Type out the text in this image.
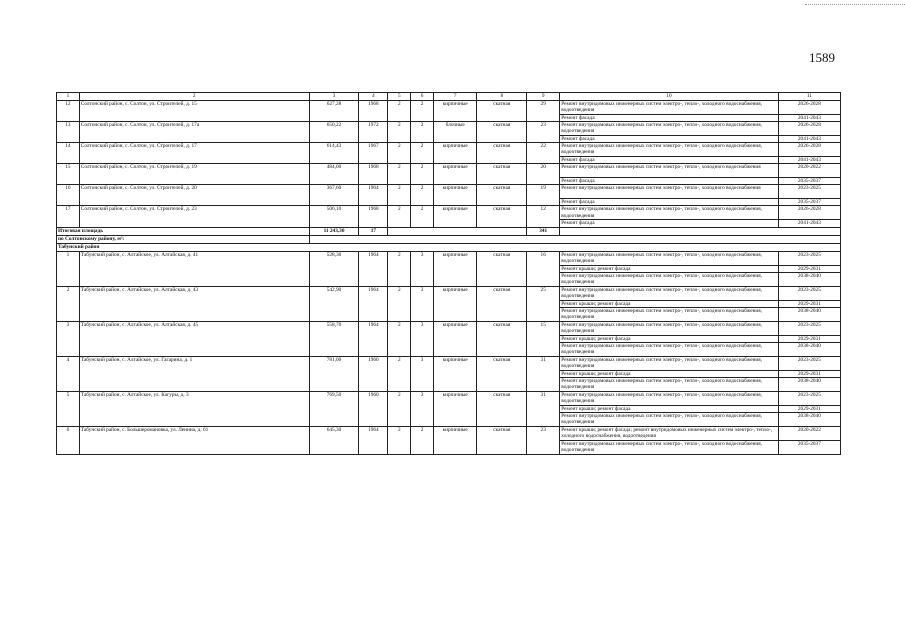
1589
1	2	3	4	5	6	7	8	9	10	11
12	Солтонский район, с. Солтон, ул. Строителей, д. 15	627,28	1968	2	2	кирпичные	скатная	29	Ремонт внутридомовых инженерных систем электро-, тепло-, холодного водоснабжения, водоотведения	2026-2028
									Ремонт фасада	2041-2043
13	Солтонский район, с. Солтон, ул. Строителей, д. 17а	650,22	1972	2	2	блочные	скатная	23	Ремонт внутридомовых инженерных систем электро-, тепло-, холодного водоснабжения, водоотведения	2026-2028
									Ремонт фасада	2041-2043
14	Солтонский район, с. Солтон, ул. Строителей, д. 17	614,43	1967	2	2	кирпичные	скатная	22	Ремонт внутридомовых инженерных систем электро-, тепло-, холодного водоснабжения, водоотведения	2026-2028
									Ремонт фасада	2041-2043
15	Солтонский район, с. Солтон, ул. Строителей, д. 19	484,00	1968	2	2	кирпичные	скатная	20	Ремонт внутридомовых инженерных систем электро-, тепло-, холодного водоснабжения	2020-2022
									Ремонт фасада	2035-2037
16	Солтонский район, с. Солтон, ул. Строителей, д. 20	367,60	1964	2	2	кирпичные	скатная	19	Ремонт внутридомовых инженерных систем электро-, тепло-, холодного водоснабжения	2023-2025
									Ремонт фасада	2035-2037
17	Солтонский район, с. Солтон, ул. Строителей, д. 23	506,10	1968	2	2	кирпичные	скатная	12	Ремонт внутридомовых инженерных систем электро-, тепло-, холодного водоснабжения, водоотведения	2026-2028
									Ремонт фасада	2041-2043
Итоговая площадь		11 243,30	17					341		
по Солтонскому району, м²:										
Табунский район										
1	Табунский район, с. Алтайское, ул. Алтайская, д. 41	528,30	1964	2	3	кирпичные	скатная	16	Ремонт внутридомовых инженерных систем электро-, тепло-, холодного водоснабжения, водоотведения	2023-2025
									Ремонт крыши; ремонт фасада	2029-2031
									Ремонт внутридомовых инженерных систем электро-, тепло-, холодного водоснабжения, водоотведения	2038-2040
2	Табунский район, с. Алтайское, ул. Алтайская, д. 43	542,90	1964	2	3	кирпичные	скатная	25	Ремонт внутридомовых инженерных систем электро-, тепло-, холодного водоснабжения, водоотведения	2023-2025
									Ремонт крыши; ремонт фасада	2029-2031
									Ремонт внутридомовых инженерных систем электро-, тепло-, холодного водоснабжения, водоотведения	2038-2040
3	Табунский район, с. Алтайское, ул. Алтайская, д. 45	558,70	1964	2	3	кирпичные	скатная	15	Ремонт внутридомовых инженерных систем электро-, тепло-, холодного водоснабжения, водоотведения	2023-2025
									Ремонт крыши; ремонт фасада	2029-2031
									Ремонт внутридомовых инженерных систем электро-, тепло-, холодного водоснабжения, водоотведения	2038-2040
4	Табунский район, с. Алтайское, ул. Гагарина, д. 1	781,00	1960	2	3	кирпичные	скатная	31	Ремонт внутридомовых инженерных систем электро-, тепло-, холодного водоснабжения, водоотведения	2023-2025
									Ремонт крыши; ремонт фасада	2029-2031
									Ремонт внутридомовых инженерных систем электро-, тепло-, холодного водоснабжения, водоотведения	2038-2040
5	Табунский район, с. Алтайское, ул. Кагуры, д. 3	769,50	1960	2	3	кирпичные	скатная	31	Ремонт внутридомовых инженерных систем электро-, тепло-, холодного водоснабжения, водоотведения	2023-2025
									Ремонт крыши; ремонт фасада	2029-2031
									Ремонт внутридомовых инженерных систем электро-, тепло-, холодного водоснабжения, водоотведения	2038-2040
6	Табунский район, с. Большеромановка, ул. Ленина, д. 61	645,30	1964	2	2	кирпичные	скатная	23	Ремонт крыши; ремонт фасада; ремонт внутридомовых инженерных систем электро-, тепло-, холодного водоснабжения, водоотведения	2020-2022
									Ремонт внутридомовых инженерных систем электро-, тепло-, холодного водоснабжения, водоотведения	2035-2037
